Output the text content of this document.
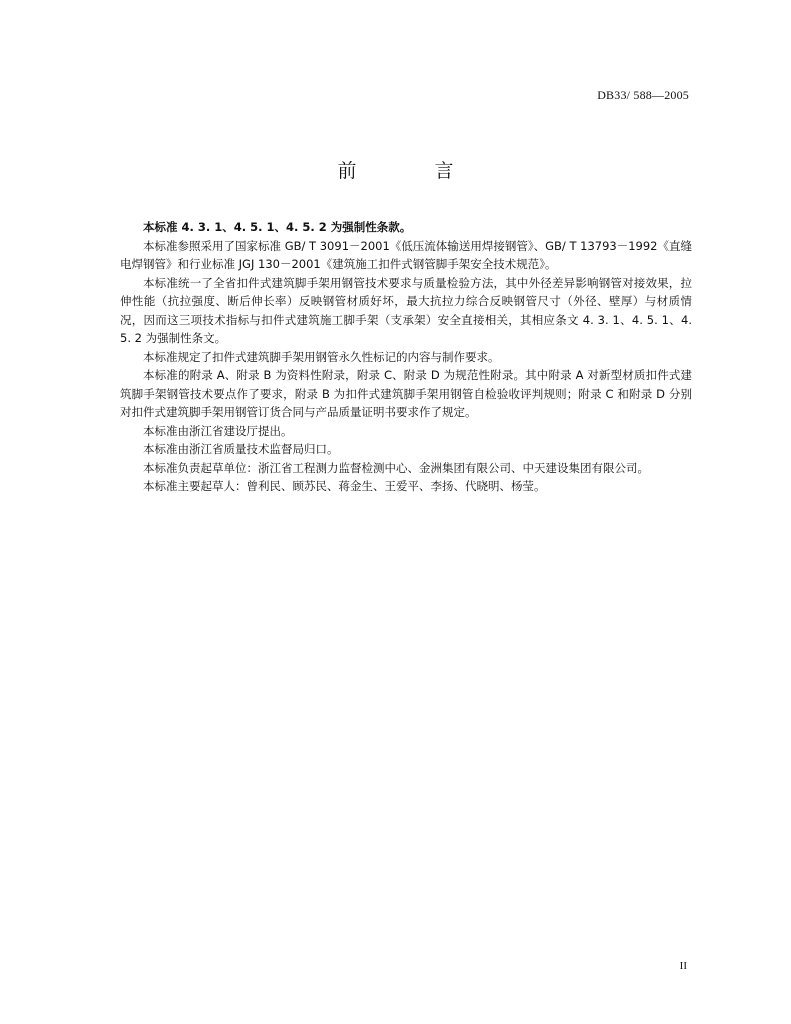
DB33/ 588—2005
前 言

本标准 4. 3. 1、4. 5. 1、4. 5. 2 为强制性条款。

本标准参照采用了国家标准 GB/ T 3091－2001《低压流体输送用焊接钢管》、GB/ T 13793－1992《直缝电焊钢管》和行业标准 JGJ 130－2001《建筑施工扣件式钢管脚手架安全技术规范》。

本标准统一了全省扣件式建筑脚手架用钢管技术要求与质量检验方法，其中外径差异影响钢管对接效果，拉伸性能（抗拉强度、断后伸长率）反映钢管材质好坏，最大抗拉力综合反映钢管尺寸（外径、壁厚）与材质情况，因而这三项技术指标与扣件式建筑施工脚手架（支承架）安全直接相关，其相应条文 4. 3. 1、4. 5. 1、4. 5. 2 为强制性条文。

本标准规定了扣件式建筑脚手架用钢管永久性标记的内容与制作要求。

本标准的附录 A、附录 B 为资料性附录，附录 C、附录 D 为规范性附录。其中附录 A 对新型材质扣件式建筑脚手架钢管技术要点作了要求，附录 B 为扣件式建筑脚手架用钢管自检验收评判规则；附录 C 和附录 D 分别对扣件式建筑脚手架用钢管订货合同与产品质量证明书要求作了规定。

本标准由浙江省建设厅提出。

本标准由浙江省质量技术监督局归口。

本标准负责起草单位：浙江省工程测力监督检测中心、金洲集团有限公司、中天建设集团有限公司。

本标准主要起草人：曾利民、顾苏民、蒋金生、王爱平、李扬、代晓明、杨莹。

II
